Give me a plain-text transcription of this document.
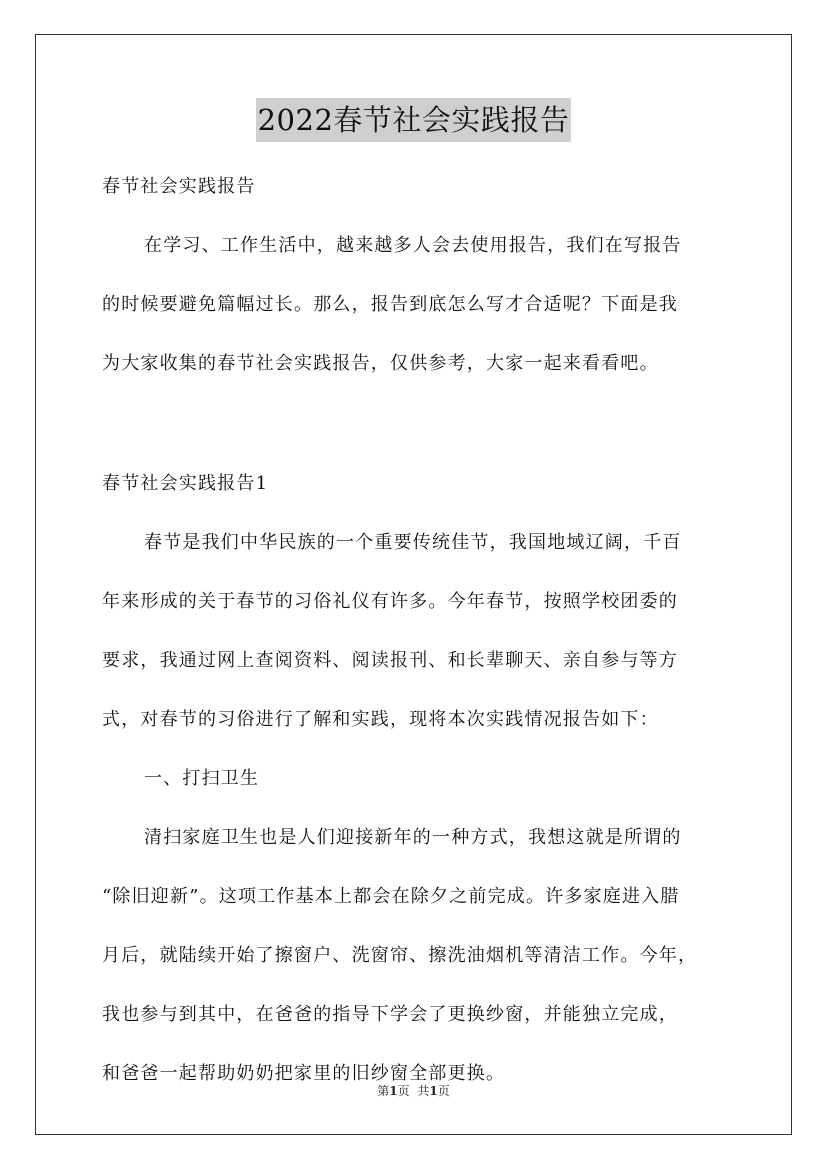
2022春节社会实践报告
春节社会实践报告
在学习、工作生活中，越来越多人会去使用报告，我们在写报告
的时候要避免篇幅过长。那么，报告到底怎么写才合适呢？下面是我
为大家收集的春节社会实践报告，仅供参考，大家一起来看看吧。
春节社会实践报告1
春节是我们中华民族的一个重要传统佳节，我国地域辽阔，千百
年来形成的关于春节的习俗礼仪有许多。今年春节，按照学校团委的
要求，我通过网上查阅资料、阅读报刊、和长辈聊天、亲自参与等方
式，对春节的习俗进行了解和实践，现将本次实践情况报告如下：
一、打扫卫生
清扫家庭卫生也是人们迎接新年的一种方式，我想这就是所谓的
“除旧迎新”。这项工作基本上都会在除夕之前完成。许多家庭进入腊
月后，就陆续开始了擦窗户、洗窗帘、擦洗油烟机等清洁工作。今年，
我也参与到其中，在爸爸的指导下学会了更换纱窗，并能独立完成，
和爸爸一起帮助奶奶把家里的旧纱窗全部更换。
第1页 共1页
